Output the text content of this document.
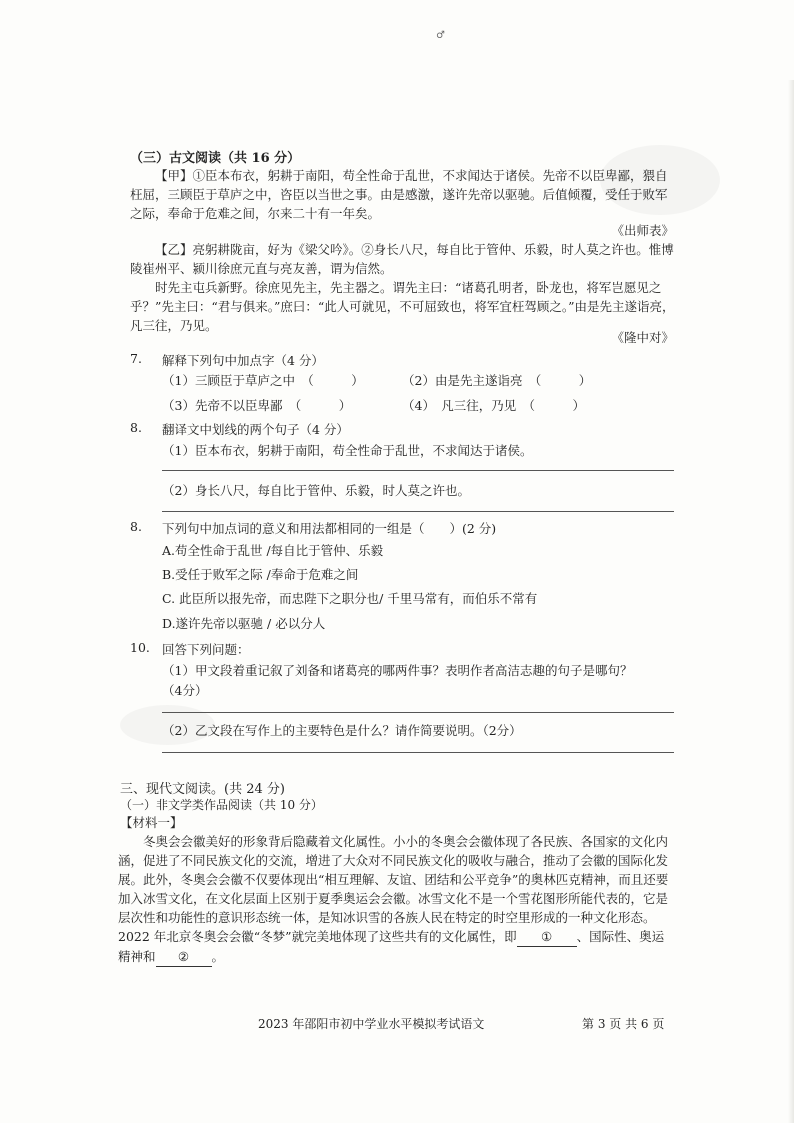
♂
（三）古文阅读（共 16 分）
【甲】①臣本布衣，躬耕于南阳，苟全性命于乱世，不求闻达于诸侯。先帝不以臣卑鄙，猥自枉屈，三顾臣于草庐之中，咨臣以当世之事。由是感激，遂许先帝以驱驰。后值倾覆，受任于败军之际，奉命于危难之间，尔来二十有一年矣。
《出师表》
【乙】亮躬耕陇亩，好为《梁父吟》。②身长八尺，每自比于管仲、乐毅，时人莫之许也。惟博陵崔州平、颍川徐庶元直与亮友善，谓为信然。
时先主屯兵新野。徐庶见先主，先主器之。谓先主曰：“诸葛孔明者，卧龙也，将军岂愿见之乎？”先主曰：“君与俱来。”庶曰：“此人可就见，不可屈致也，将军宜枉驾顾之。”由是先主遂诣亮，凡三往，乃见。
《隆中对》
7. 解释下列句中加点字（4 分）
（1）三顾臣于草庐之中　（　　　）	（2）由是先主遂诣亮　（　　　）
（3）先帝不以臣卑鄙　（　　　）	（4）　凡三往，乃见　（　　　）
8. 翻译文中划线的两个句子（4 分）
（1）臣本布衣，躬耕于南阳，苟全性命于乱世，不求闻达于诸侯。
（2）身长八尺，每自比于管仲、乐毅，时人莫之许也。
8. 下列句中加点词的意义和用法都相同的一组是（　　）(2 分)
A.苟全性命于乱世 /每自比于管仲、乐毅
B.受任于败军之际 /奉命于危难之间
C. 此臣所以报先帝，而忠陛下之职分也/ 千里马常有，而伯乐不常有
D.遂许先帝以驱驰 / 必以分人
10. 回答下列问题：
（1）甲文段着重记叙了刘备和诸葛亮的哪两件事？表明作者高洁志趣的句子是哪句？
（4分）
（2）乙文段在写作上的主要特色是什么？请作简要说明。（2分）
三、现代文阅读。(共 24 分)
（一）非文学类作品阅读（共 10 分）
【材料一】
冬奥会会徽美好的形象背后隐藏着文化属性。小小的冬奥会会徽体现了各民族、各国家的文化内涵，促进了不同民族文化的交流，增进了大众对不同民族文化的吸收与融合，推动了会徽的国际化发展。此外，冬奥会会徽不仅要体现出“相互理解、友谊、团结和公平竞争”的奥林匹克精神，而且还要加入冰雪文化，在文化层面上区别于夏季奥运会会徽。冰雪文化不是一个雪花图形所能代表的，它是层次性和功能性的意识形态统一体，是知冰识雪的各族人民在特定的时空里形成的一种文化形态。2022 年北京冬奥会会徽“冬梦”就完美地体现了这些共有的文化属性，即 ① 、国际性、奥运精神和 ② 。
2023 年邵阳市初中学业水平模拟考试语文	第 3 页 共 6 页
